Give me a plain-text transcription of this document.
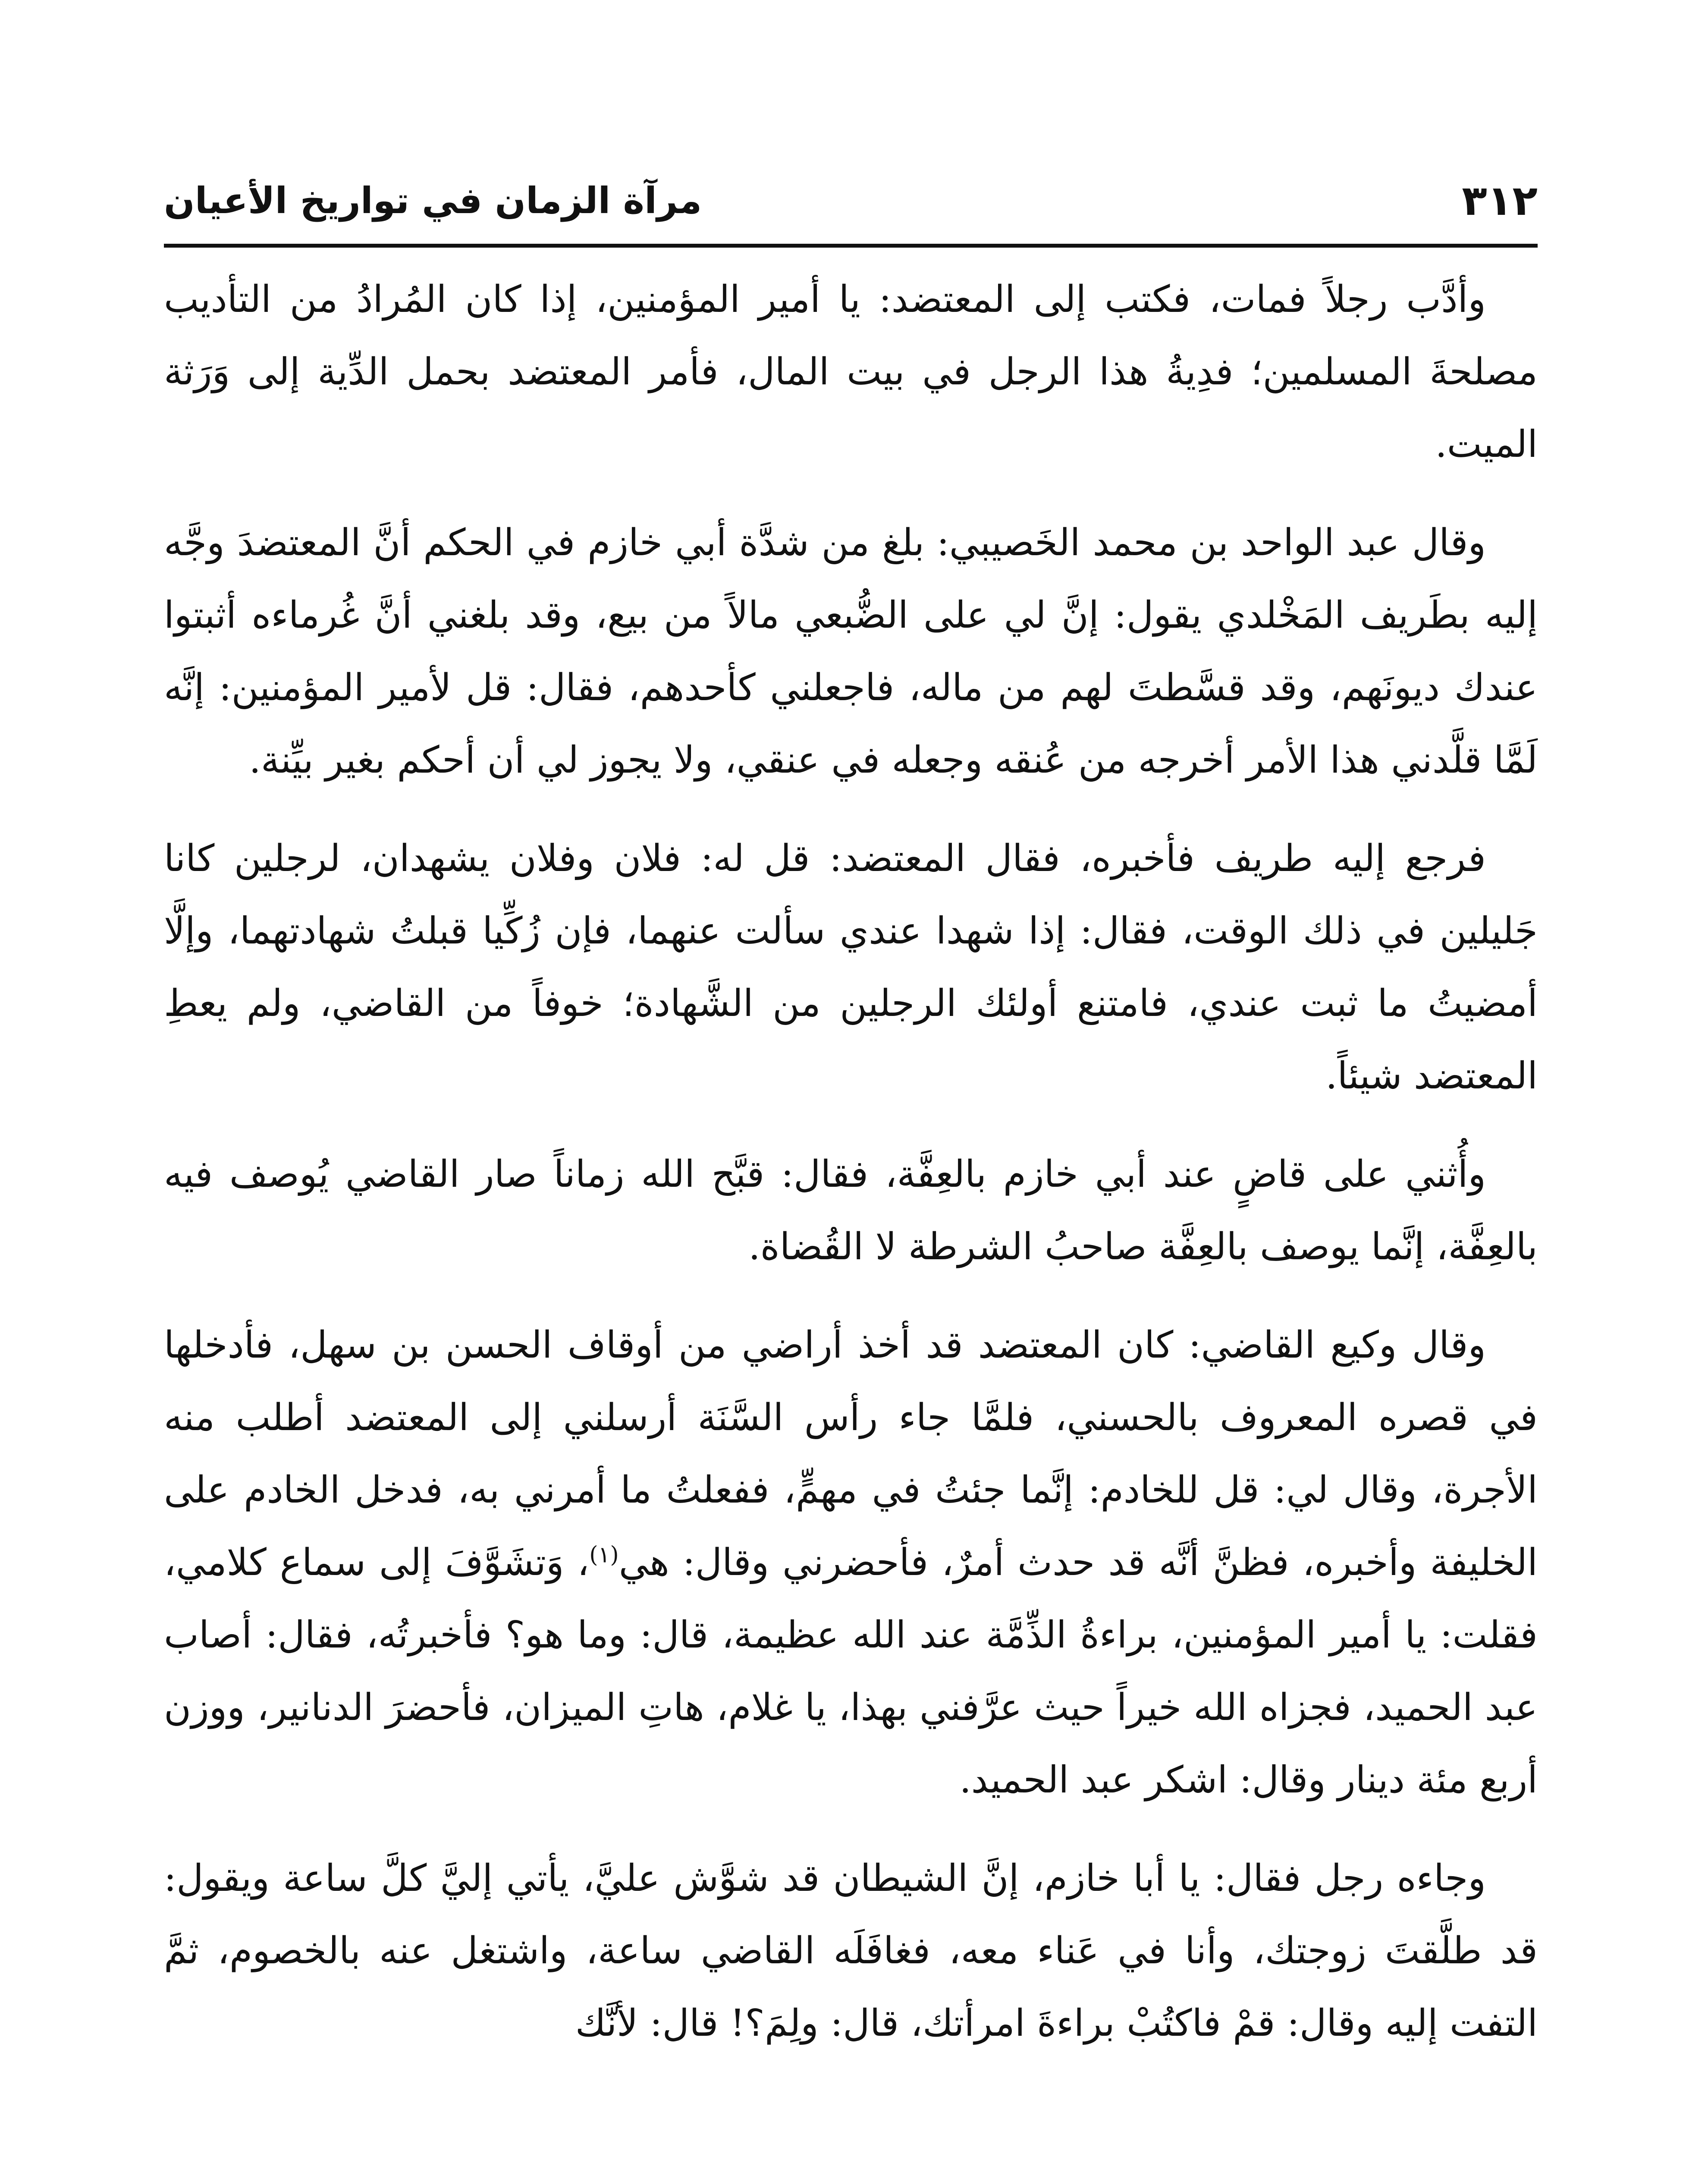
٣١٢
مرآة الزمان في تواريخ الأعيان

وأدَّب رجلاً فمات، فكتب إلى المعتضد: يا أمير المؤمنين، إذا كان المُرادُ من التأديب مصلحةَ المسلمين؛ فدِيةُ هذا الرجل في بيت المال، فأمر المعتضد بحمل الدِّية إلى وَرَثة الميت.

وقال عبد الواحد بن محمد الخَصيبي: بلغ من شدَّة أبي خازم في الحكم أنَّ المعتضدَ وجَّه إليه بطَريف المَخْلدي يقول: إنَّ لي على الضُّبعي مالاً من بيع، وقد بلغني أنَّ غُرماءه أثبتوا عندك ديونَهم، وقد قسَّطتَ لهم من ماله، فاجعلني كأحدهم، فقال: قل لأمير المؤمنين: إنَّه لَمَّا قلَّدني هذا الأمر أخرجه من عُنقه وجعله في عنقي، ولا يجوز لي أن أحكم بغير بيِّنة.

فرجع إليه طريف فأخبره، فقال المعتضد: قل له: فلان وفلان يشهدان، لرجلين كانا جَليلين في ذلك الوقت، فقال: إذا شهدا عندي سألت عنهما، فإن زُكِّيا قبلتُ شهادتهما، وإلَّا أمضيتُ ما ثبت عندي، فامتنع أولئك الرجلين من الشَّهادة؛ خوفاً من القاضي، ولم يعطِ المعتضد شيئاً.

وأُثني على قاضٍ عند أبي خازم بالعِفَّة، فقال: قبَّح الله زماناً صار القاضي يُوصف فيه بالعِفَّة، إنَّما يوصف بالعِفَّة صاحبُ الشرطة لا القُضاة.

وقال وكيع القاضي: كان المعتضد قد أخذ أراضي من أوقاف الحسن بن سهل، فأدخلها في قصره المعروف بالحسني، فلمَّا جاء رأس السَّنَة أرسلني إلى المعتضد أطلب منه الأجرة، وقال لي: قل للخادم: إنَّما جئتُ في مهمٍّ، ففعلتُ ما أمرني به، فدخل الخادم على الخليفة وأخبره، فظنَّ أنَّه قد حدث أمرٌ، فأحضرني وقال: هي$^{(١)}$، وَتشَوَّفَ إلى سماع كلامي، فقلت: يا أمير المؤمنين، براءةُ الذِّمَّة عند الله عظيمة، قال: وما هو؟ فأخبرتُه، فقال: أصاب عبد الحميد، فجزاه الله خيراً حيث عرَّفني بهذا، يا غلام، هاتِ الميزان، فأحضرَ الدنانير، ووزن أربع مئة دينار وقال: اشكر عبد الحميد.

وجاءه رجل فقال: يا أبا خازم، إنَّ الشيطان قد شوَّش عليَّ، يأتي إليَّ كلَّ ساعة ويقول: قد طلَّقتَ زوجتك، وأنا في عَناء معه، فغافَلَه القاضي ساعة، واشتغل عنه بالخصوم، ثمَّ التفت إليه وقال: قمْ فاكتُبْ براءةَ امرأتك، قال: ولِمَ؟! قال: لأنَّك
